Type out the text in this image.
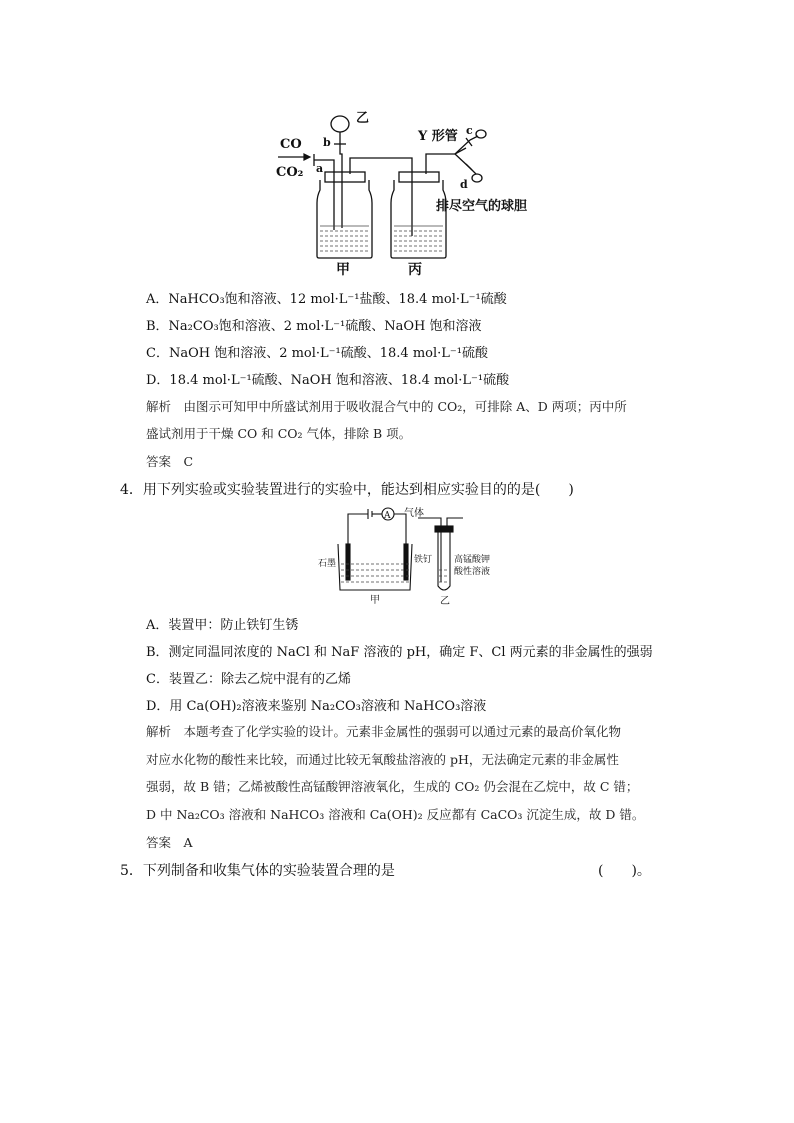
CO
CO₂ a
b
乙
Y 形管 c
d
排尽空气的球胆
甲	丙
A．NaHCO₃饱和溶液、12 mol·L⁻¹盐酸、18.4 mol·L⁻¹硫酸
B．Na₂CO₃饱和溶液、2 mol·L⁻¹硫酸、NaOH 饱和溶液
C．NaOH 饱和溶液、2 mol·L⁻¹硫酸、18.4 mol·L⁻¹硫酸
D．18.4 mol·L⁻¹硫酸、NaOH 饱和溶液、18.4 mol·L⁻¹硫酸
解析　由图示可知甲中所盛试剂用于吸收混合气中的 CO₂，可排除 A、D 两项；丙中所
盛试剂用于干燥 CO 和 CO₂ 气体，排除 B 项。
答案　C
4．用下列实验或实验装置进行的实验中，能达到相应实验目的的是(　　)
A
石墨	铁钉
气体
高锰酸钾
酸性溶液
甲	乙
A．装置甲：防止铁钉生锈
B．测定同温同浓度的 NaCl 和 NaF 溶液的 pH，确定 F、Cl 两元素的非金属性的强弱
C．装置乙：除去乙烷中混有的乙烯
D．用 Ca(OH)₂溶液来鉴别 Na₂CO₃溶液和 NaHCO₃溶液
解析　本题考查了化学实验的设计。元素非金属性的强弱可以通过元素的最高价氧化物
对应水化物的酸性来比较，而通过比较无氧酸盐溶液的 pH，无法确定元素的非金属性
强弱，故 B 错；乙烯被酸性高锰酸钾溶液氧化，生成的 CO₂ 仍会混在乙烷中，故 C 错；
D 中 Na₂CO₃ 溶液和 NaHCO₃ 溶液和 Ca(OH)₂ 反应都有 CaCO₃ 沉淀生成，故 D 错。
答案　A
5．下列制备和收集气体的实验装置合理的是	(　　)。
